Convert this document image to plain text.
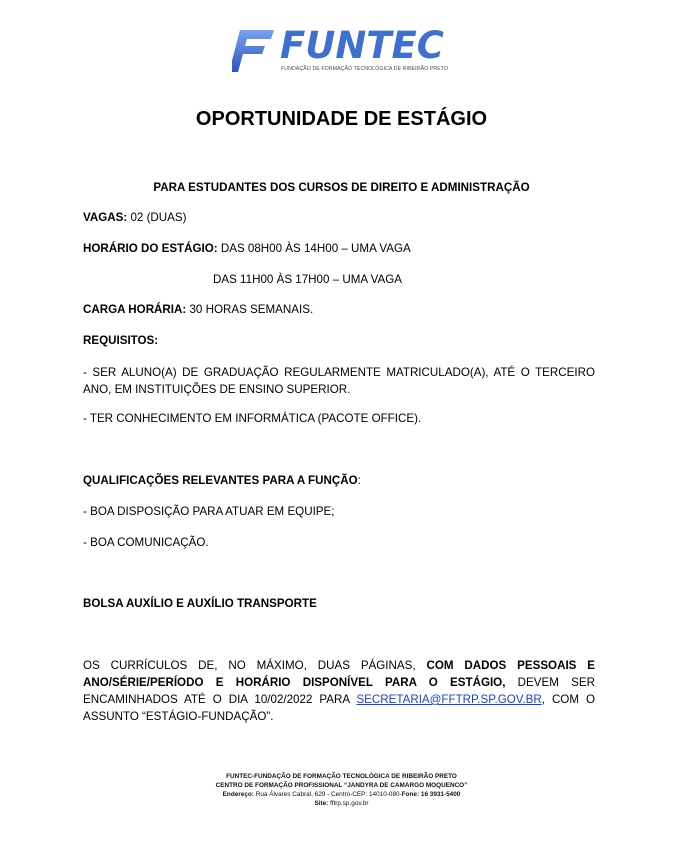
FUNTEC
FUNDAÇÃO DE FORMAÇÃO TECNOLÓGICA DE RIBEIRÃO PRETO
OPORTUNIDADE DE ESTÁGIO
PARA ESTUDANTES DOS CURSOS DE DIREITO E ADMINISTRAÇÃO
VAGAS: 02 (DUAS)
HORÁRIO DO ESTÁGIO: DAS 08H00 ÀS 14H00 – UMA VAGA
DAS 11H00 ÀS 17H00 – UMA VAGA
CARGA HORÁRIA: 30 HORAS SEMANAIS.
REQUISITOS:
- SER ALUNO(A) DE GRADUAÇÃO REGULARMENTE MATRICULADO(A), ATÉ O TERCEIRO ANO, EM INSTITUIÇÕES DE ENSINO SUPERIOR.
- TER CONHECIMENTO EM INFORMÁTICA (PACOTE OFFICE).
QUALIFICAÇÕES RELEVANTES PARA A FUNÇÃO:
- BOA DISPOSIÇÃO PARA ATUAR EM EQUIPE;
- BOA COMUNICAÇÃO.
BOLSA AUXÍLIO E AUXÍLIO TRANSPORTE
OS CURRÍCULOS DE, NO MÁXIMO, DUAS PÁGINAS, COM DADOS PESSOAIS E ANO/SÉRIE/PERÍODO E HORÁRIO DISPONÍVEL PARA O ESTÁGIO, DEVEM SER ENCAMINHADOS ATÉ O DIA 10/02/2022 PARA SECRETARIA@FFTRP.SP.GOV.BR, COM O ASSUNTO “ESTÁGIO-FUNDAÇÃO”.
FUNTEC-FUNDAÇÃO DE FORMAÇÃO TECNOLÓGICA DE RIBEIRÃO PRETO
CENTRO DE FORMAÇÃO PROFISSIONAL “JANDYRA DE CAMARGO MOQUENCO”
Endereço: Rua Álvares Cabral, 629 - Centro-CEP: 14010-080-Fone: 16 3931-5400
Site: fftrp.sp.gov.br
